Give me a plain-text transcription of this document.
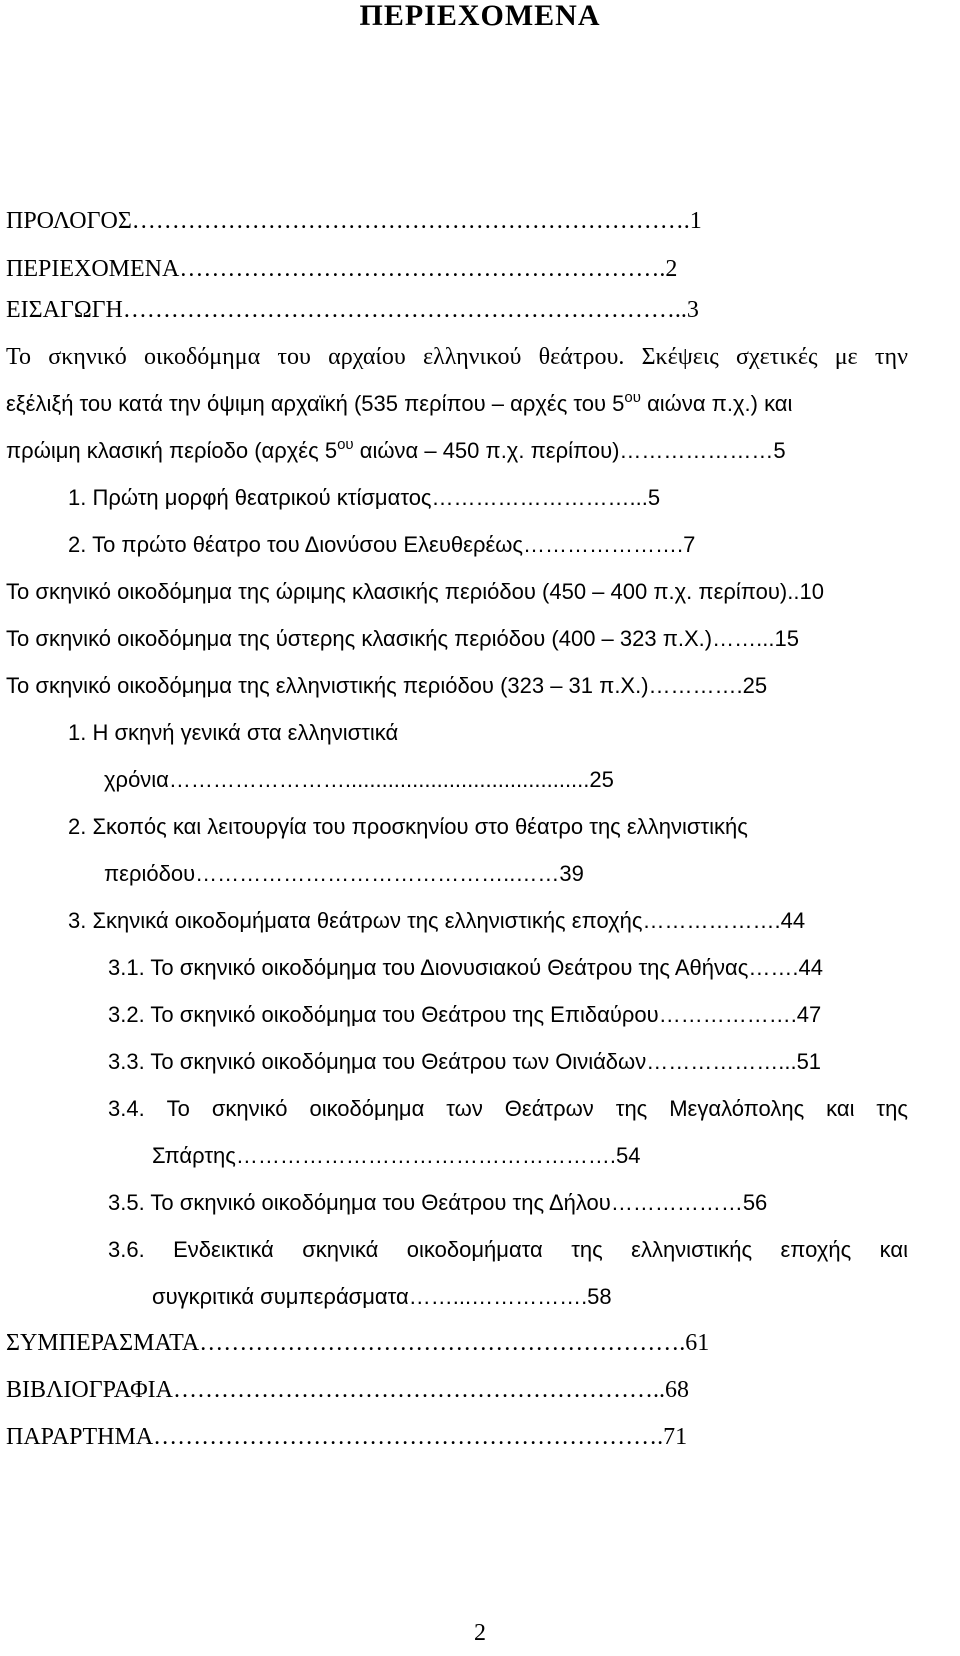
ΠΕΡΙΕΧΟΜΕΝΑ
ΠΡΟΛΟΓΟΣ…………………………………………………………….1
ΠΕΡΙΕΧΟΜΕΝΑ…………………………………………………….2
ΕΙΣΑΓΩΓΗ……………………………………………………………..3
Το σκηνικό οικοδόμημα του αρχαίου ελληνικού θεάτρου. Σκέψεις σχετικές με την
εξέλιξή του κατά την όψιμη αρχαϊκή (535 περίπου – αρχές του $5^{o\upsilon}$ αιώνα π.χ.) και
πρώιμη κλασική περίοδο (αρχές $5^{o\upsilon}$ αιώνα – 450 π.χ. περίπου)…………………5
1. Πρώτη μορφή θεατρικού κτίσματος………………………...5
2. Το πρώτο θέατρο του Διονύσου Ελευθερέως………………….7
Το σκηνικό οικοδόμημα της ώριμης κλασικής περιόδου (450 – 400 π.χ. περίπου)..10
Το σκηνικό οικοδόμημα της ύστερης κλασικής περιόδου (400 – 323 π.Χ.)……...15
Το σκηνικό οικοδόμημα της ελληνιστικής περιόδου (323 – 31 π.Χ.)………….25
1. Η σκηνή γενικά στα ελληνιστικά
χρόνια……………………........................................25
2. Σκοπός και λειτουργία του προσκηνίου στο θέατρο της ελληνιστικής
περιόδου……………………………………..……39
3. Σκηνικά οικοδομήματα θεάτρων της ελληνιστικής εποχής……………….44
3.1. Το σκηνικό οικοδόμημα του Διονυσιακού Θεάτρου της Αθήνας…….44
3.2. Το σκηνικό οικοδόμημα του Θεάτρου της Επιδαύρου……………….47
3.3. Το σκηνικό οικοδόμημα του Θεάτρου των Οινιάδων………………...51
3.4. Το σκηνικό οικοδόμημα των Θεάτρων της Μεγαλόπολης και της
Σπάρτης…………………………………………….54
3.5. Το σκηνικό οικοδόμημα του Θεάτρου της Δήλου………………56
3.6. Ενδεικτικά σκηνικά οικοδομήματα της ελληνιστικής εποχής και
συγκριτικά συμπεράσματα……...…………….58
ΣΥΜΠΕΡΑΣΜΑΤΑ…………………………………………………….61
ΒΙΒΛΙΟΓΡΑΦΙΑ……………………………………………………..68
ΠΑΡΑΡΤΗΜΑ……………………………………………………….71
2
